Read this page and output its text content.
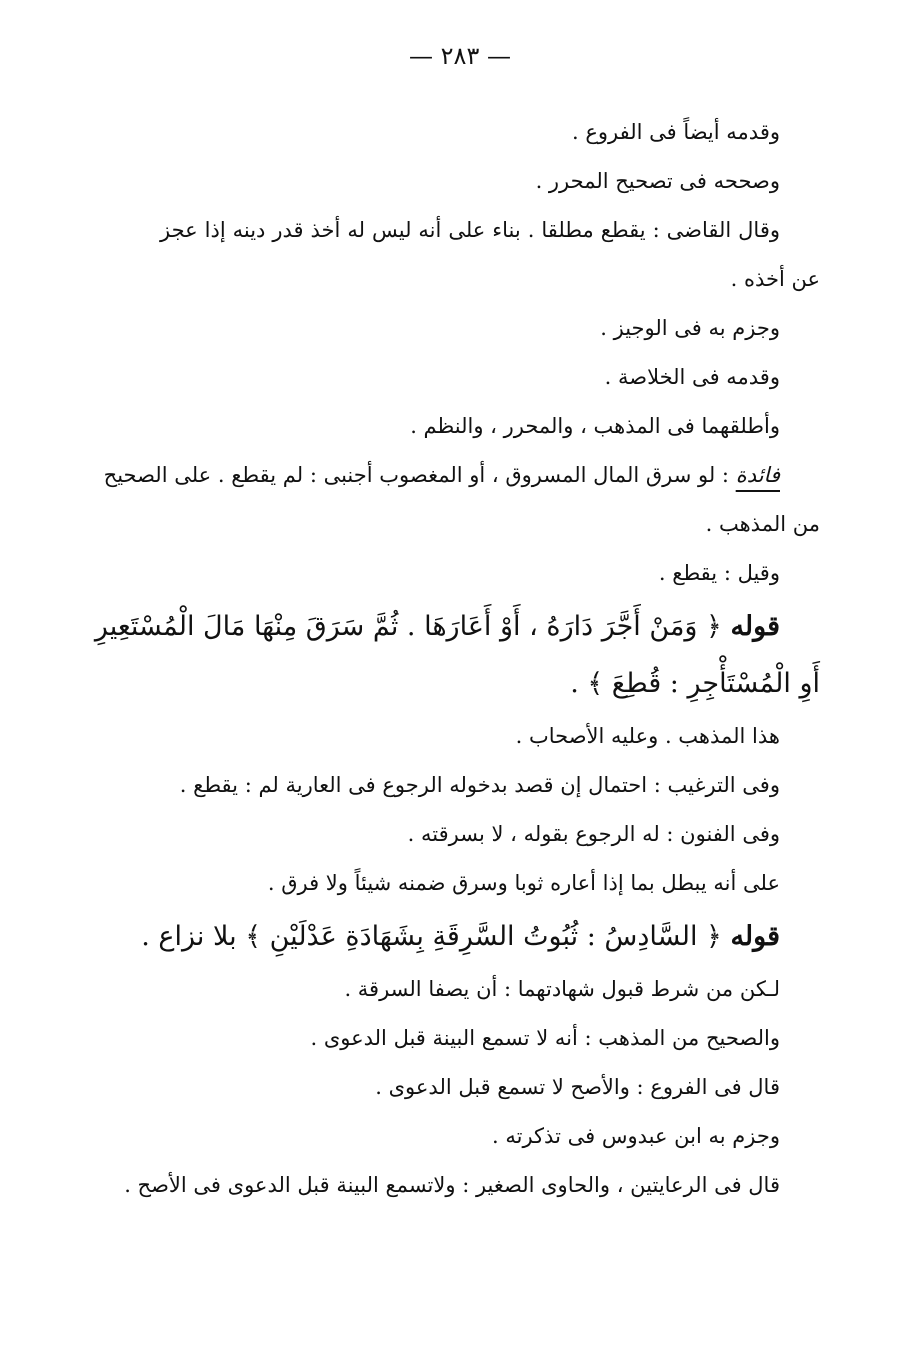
— ٢٨٣ —
وقدمه أيضاً فى الفروع .
وصححه فى تصحيح المحرر .
وقال القاضى : يقطع مطلقا . بناء على أنه ليس له أخذ قدر دينه إذا عجز
عن أخذه .
وجزم به فى الوجيز .
وقدمه فى الخلاصة .
وأطلقهما فى المذهب ، والمحرر ، والنظم .
فائدة : لو سرق المال المسروق ، أو المغصوب أجنبى : لم يقطع . على الصحيح
من المذهب .
وقيل : يقطع .
قوله ﴿ وَمَنْ أَجَّرَ دَارَهُ ، أَوْ أَعَارَهَا . ثُمَّ سَرَقَ مِنْهَا مَالَ الْمُسْتَعِيرِ
أَوِ الْمُسْتَأْجِرِ : قُطِعَ ﴾ .
هذا المذهب . وعليه الأصحاب .
وفى الترغيب : احتمال إن قصد بدخوله الرجوع فى العارية لم : يقطع .
وفى الفنون : له الرجوع بقوله ، لا بسرقته .
على أنه يبطل بما إذا أعاره ثوبا وسرق ضمنه شيئاً ولا فرق .
قوله ﴿ السَّادِسُ : ثُبُوتُ السَّرِقَةِ بِشَهَادَةِ عَدْلَيْنِ ﴾ بلا نزاع .
لـكن من شرط قبول شهادتهما : أن يصفا السرقة .
والصحيح من المذهب : أنه لا تسمع البينة قبل الدعوى .
قال فى الفروع : والأصح لا تسمع قبل الدعوى .
وجزم به ابن عبدوس فى تذكرته .
قال فى الرعايتين ، والحاوى الصغير : ولاتسمع البينة قبل الدعوى فى الأصح .
